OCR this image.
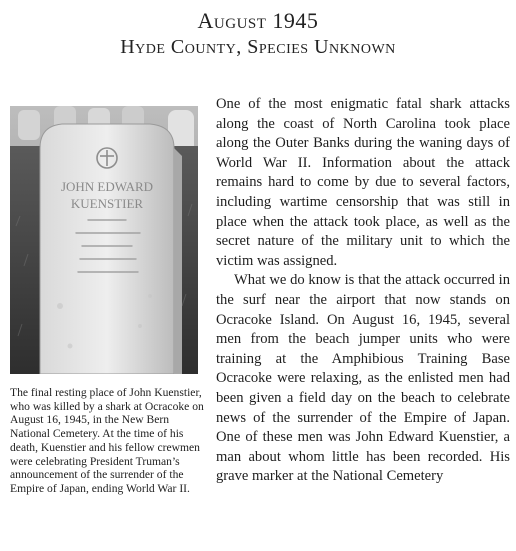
August 1945
Hyde County, Species Unknown
JOHN EDWARD
KUENSTIER
The final resting place of John Kuenstier, who was killed by a shark at Ocracoke on August 16, 1945, in the New Bern National Cemetery. At the time of his death, Kuenstier and his fellow crewmen were celebrating President Truman’s announcement of the surrender of the Empire of Japan, ending World War II.

One of the most enigmatic fatal shark attacks along the coast of North Carolina took place along the Outer Banks during the waning days of World War II. Information about the attack remains hard to come by due to several factors, including wartime censorship that was still in place when the attack took place, as well as the secret nature of the military unit to which the victim was assigned.

What we do know is that the attack occurred in the surf near the airport that now stands on Ocracoke Island. On August 16, 1945, several men from the beach jumper units who were training at the Amphibious Training Base Ocracoke were relaxing, as the enlisted men had been given a field day on the beach to celebrate news of the surrender of the Empire of Japan. One of these men was John Edward Kuenstier, a man about whom little has been recorded. His grave marker at the National Cemetery
